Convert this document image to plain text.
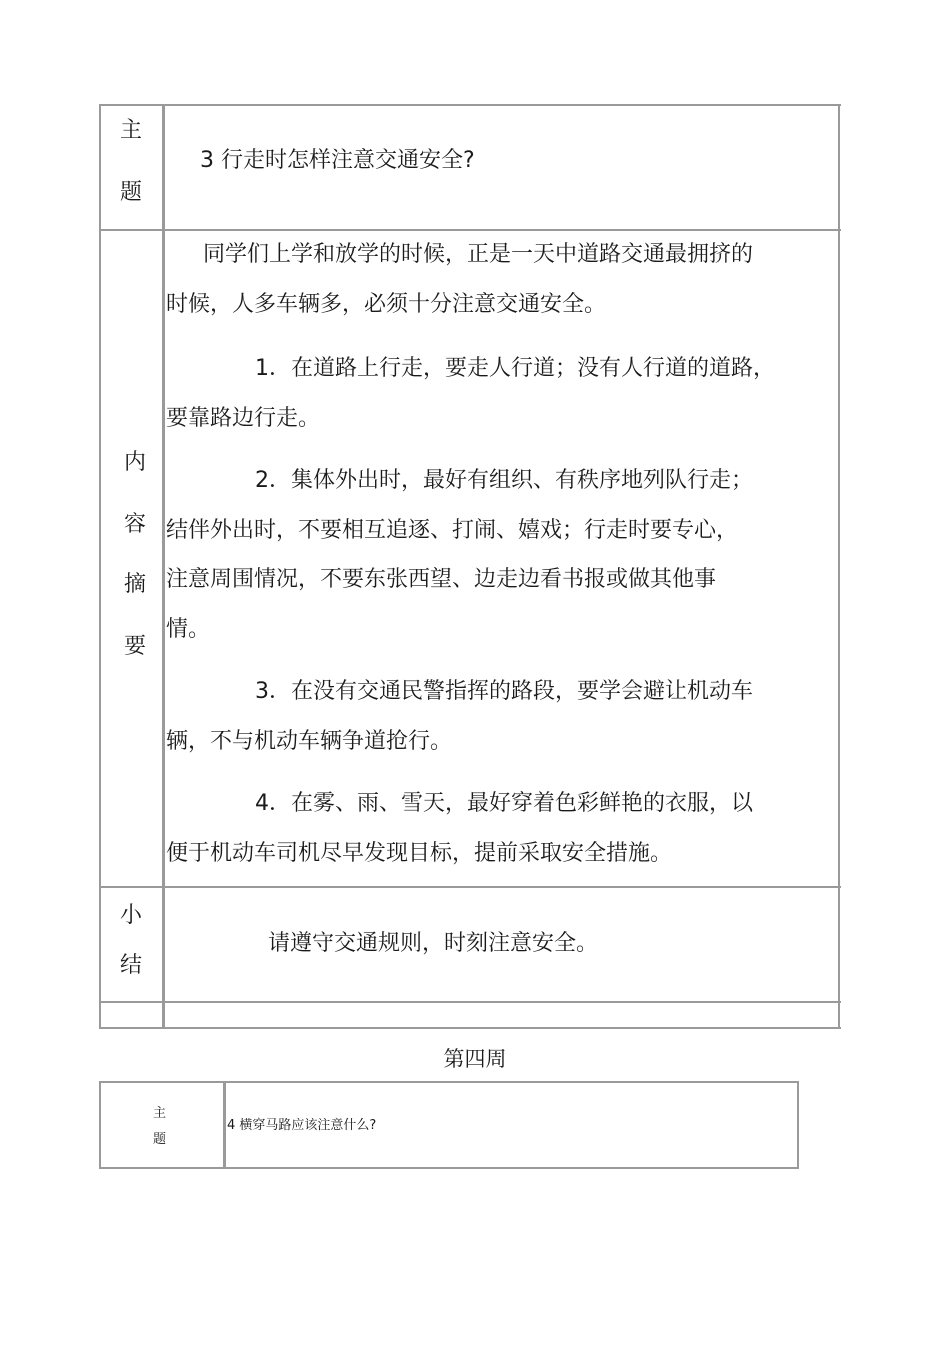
主
题
3 行走时怎样注意交通安全?
内
容
摘
要
同学们上学和放学的时候，正是一天中道路交通最拥挤的
时候，人多车辆多，必须十分注意交通安全。
1．在道路上行走，要走人行道；没有人行道的道路，
要靠路边行走。
2．集体外出时，最好有组织、有秩序地列队行走；
结伴外出时，不要相互追逐、打闹、嬉戏；行走时要专心，
注意周围情况，不要东张西望、边走边看书报或做其他事
情。
3．在没有交通民警指挥的路段，要学会避让机动车
辆，不与机动车辆争道抢行。
4．在雾、雨、雪天，最好穿着色彩鲜艳的衣服，以
便于机动车司机尽早发现目标，提前采取安全措施。
小
结
请遵守交通规则，时刻注意安全。
第四周
主
题
4 横穿马路应该注意什么?
